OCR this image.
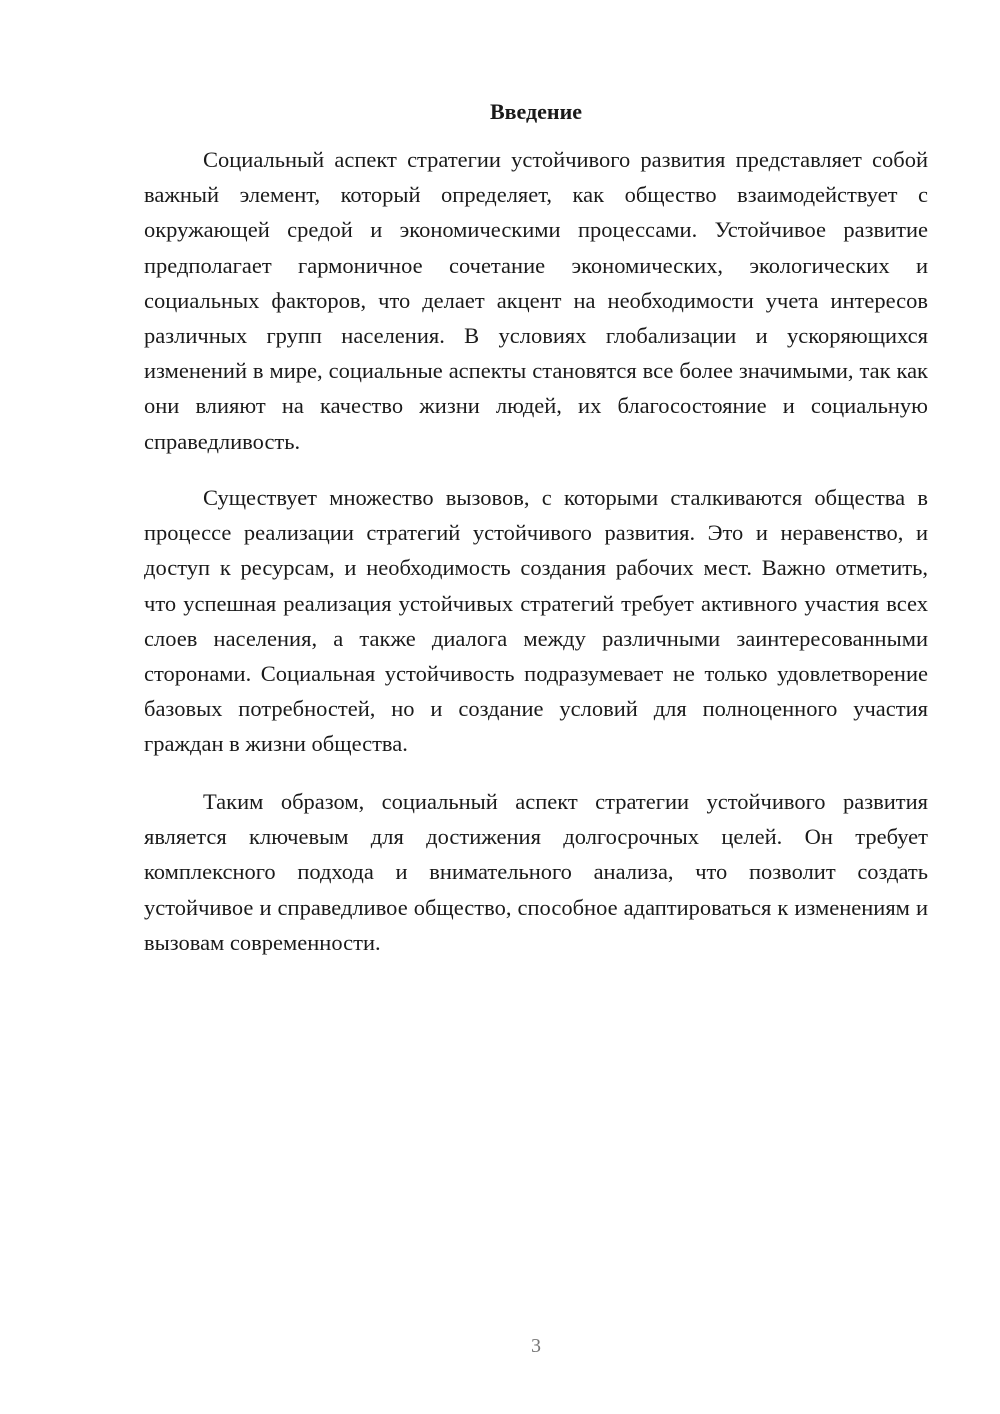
Введение

Социальный аспект стратегии устойчивого развития представляет собой важный элемент, который определяет, как общество взаимодействует с окружающей средой и экономическими процессами. Устойчивое развитие предполагает гармоничное сочетание экономических, экологических и социальных факторов, что делает акцент на необходимости учета интересов различных групп населения. В условиях глобализации и ускоряющихся изменений в мире, социальные аспекты становятся все более значимыми, так как они влияют на качество жизни людей, их благосостояние и социальную справедливость.

Существует множество вызовов, с которыми сталкиваются общества в процессе реализации стратегий устойчивого развития. Это и неравенство, и доступ к ресурсам, и необходимость создания рабочих мест. Важно отметить, что успешная реализация устойчивых стратегий требует активного участия всех слоев населения, а также диалога между различными заинтересованными сторонами. Социальная устойчивость подразумевает не только удовлетворение базовых потребностей, но и создание условий для полноценного участия граждан в жизни общества.

Таким образом, социальный аспект стратегии устойчивого развития является ключевым для достижения долгосрочных целей. Он требует комплексного подхода и внимательного анализа, что позволит создать устойчивое и справедливое общество, способное адаптироваться к изменениям и вызовам современности.

3
